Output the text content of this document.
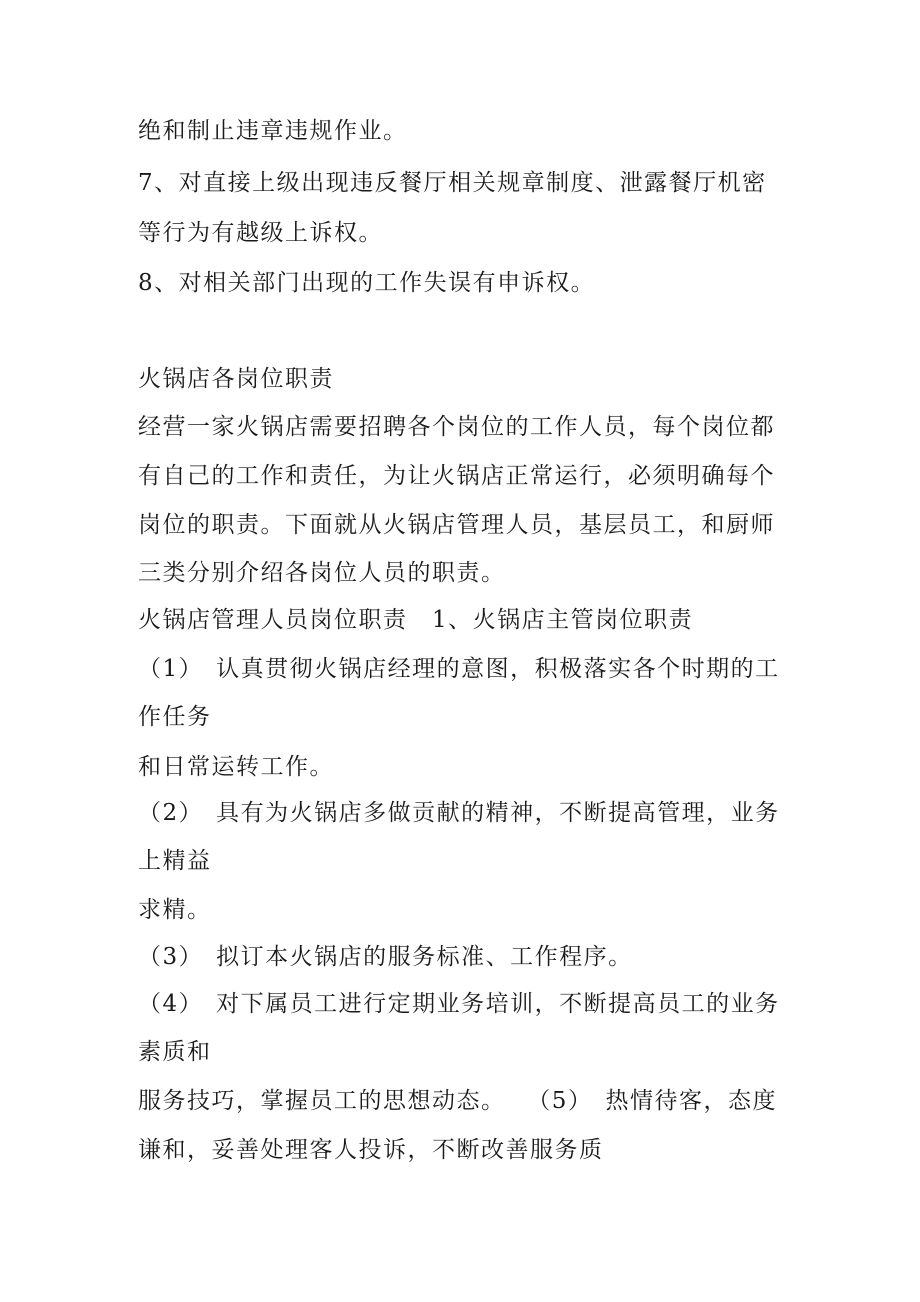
绝和制止违章违规作业。
7、对直接上级出现违反餐厅相关规章制度、泄露餐厅机密
等行为有越级上诉权。
8、对相关部门出现的工作失误有申诉权。
火锅店各岗位职责
经营一家火锅店需要招聘各个岗位的工作人员，每个岗位都
有自己的工作和责任，为让火锅店正常运行，必须明确每个
岗位的职责。下面就从火锅店管理人员，基层员工，和厨师
三类分别介绍各岗位人员的职责。
火锅店管理人员岗位职责　1、火锅店主管岗位职责
（1）　认真贯彻火锅店经理的意图，积极落实各个时期的工
作任务
和日常运转工作。
（2）　具有为火锅店多做贡献的精神，不断提高管理，业务
上精益
求精。
（3）　拟订本火锅店的服务标准、工作程序。
（4）　对下属员工进行定期业务培训，不断提高员工的业务
素质和
服务技巧，掌握员工的思想动态。　 （5）　热情待客，态度
谦和，妥善处理客人投诉，不断改善服务质
